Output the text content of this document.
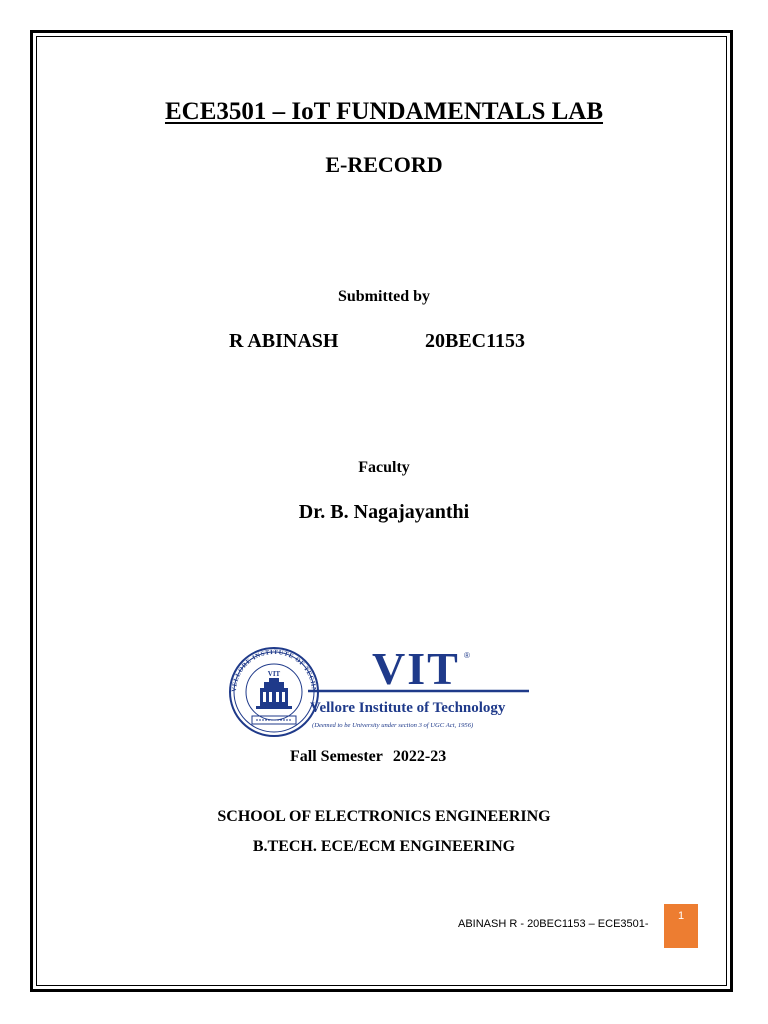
ECE3501 – IoT FUNDAMENTALS LAB
E-RECORD
Submitted by
R ABINASH	20BEC1153
Faculty
Dr. B. Nagajayanthi
VELLORE INSTITUTE OF TECHN
VIT VIT ®
Vellore Institute of Technology
(Deemed to be University under section 3 of UGC Act, 1956)
Fall Semester 2022-23
SCHOOL OF ELECTRONICS ENGINEERING
B.TECH. ECE/ECM ENGINEERING
ABINASH R - 20BEC1153 – ECE3501-
1
